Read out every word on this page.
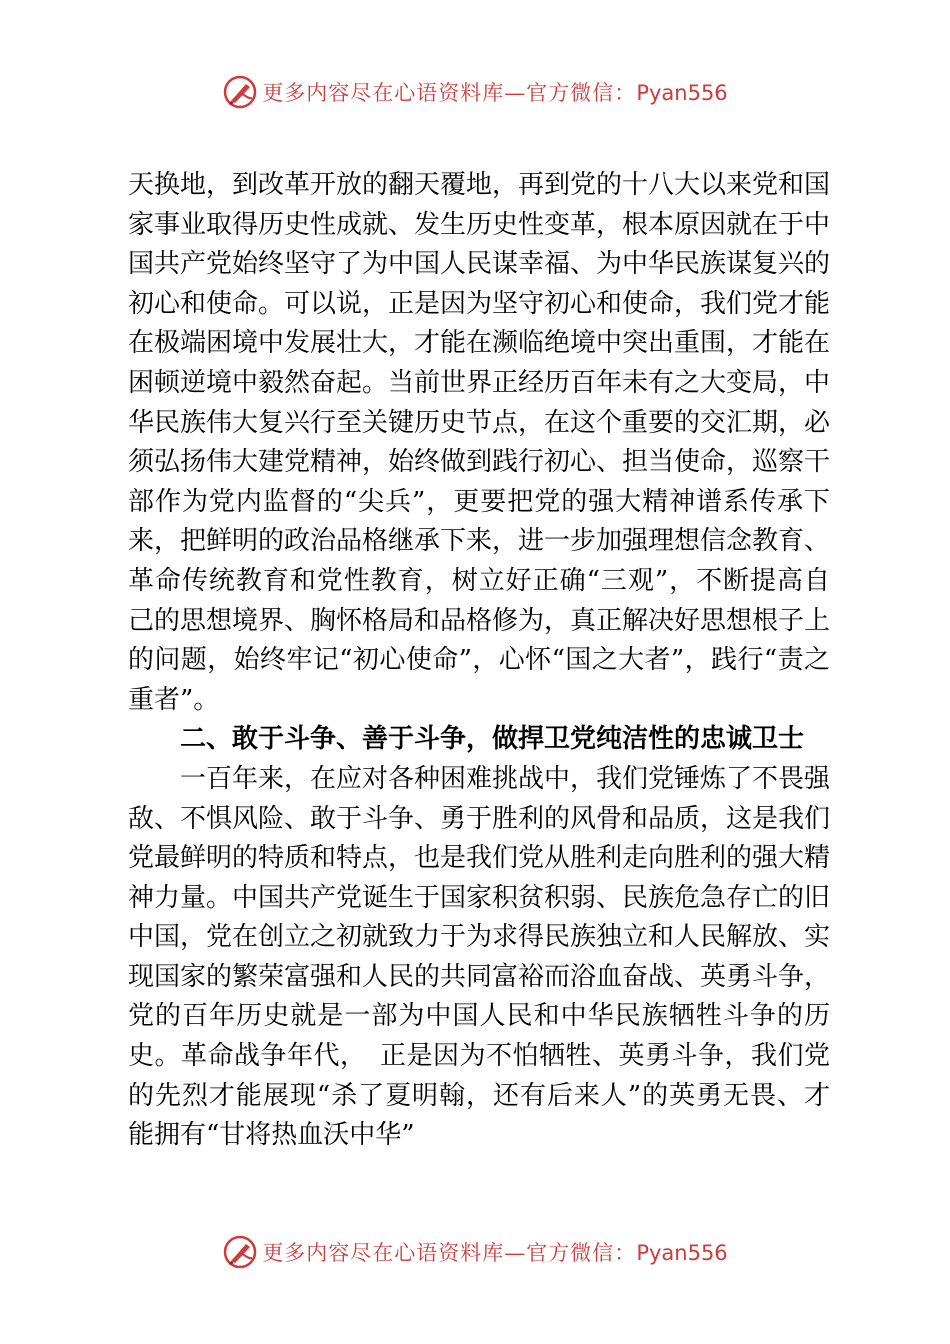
更多内容尽在心语资料库—官方微信：Pyan556

天换地，到改革开放的翻天覆地，再到党的十八大以来党和国家事业取得历史性成就、发生历史性变革，根本原因就在于中国共产党始终坚守了为中国人民谋幸福、为中华民族谋复兴的初心和使命。可以说，正是因为坚守初心和使命，我们党才能在极端困境中发展壮大，才能在濒临绝境中突出重围，才能在困顿逆境中毅然奋起。当前世界正经历百年未有之大变局，中华民族伟大复兴行至关键历史节点，在这个重要的交汇期，必须弘扬伟大建党精神，始终做到践行初心、担当使命，巡察干部作为党内监督的“尖兵”，更要把党的强大精神谱系传承下来，把鲜明的政治品格继承下来，进一步加强理想信念教育、革命传统教育和党性教育，树立好正确“三观”，不断提高自己的思想境界、胸怀格局和品格修为，真正解决好思想根子上的问题，始终牢记“初心使命”，心怀“国之大者”，践行“责之重者”。

二、敢于斗争、善于斗争，做捍卫党纯洁性的忠诚卫士

一百年来，在应对各种困难挑战中，我们党锤炼了不畏强敌、不惧风险、敢于斗争、勇于胜利的风骨和品质，这是我们党最鲜明的特质和特点，也是我们党从胜利走向胜利的强大精神力量。中国共产党诞生于国家积贫积弱、民族危急存亡的旧中国，党在创立之初就致力于为求得民族独立和人民解放、实现国家的繁荣富强和人民的共同富裕而浴血奋战、英勇斗争，党的百年历史就是一部为中国人民和中华民族牺牲斗争的历史。革命战争年代，　正是因为不怕牺牲、英勇斗争，我们党的先烈才能展现“杀了夏明翰，还有后来人”的英勇无畏、才能拥有“甘将热血沃中华”

更多内容尽在心语资料库—官方微信：Pyan556
